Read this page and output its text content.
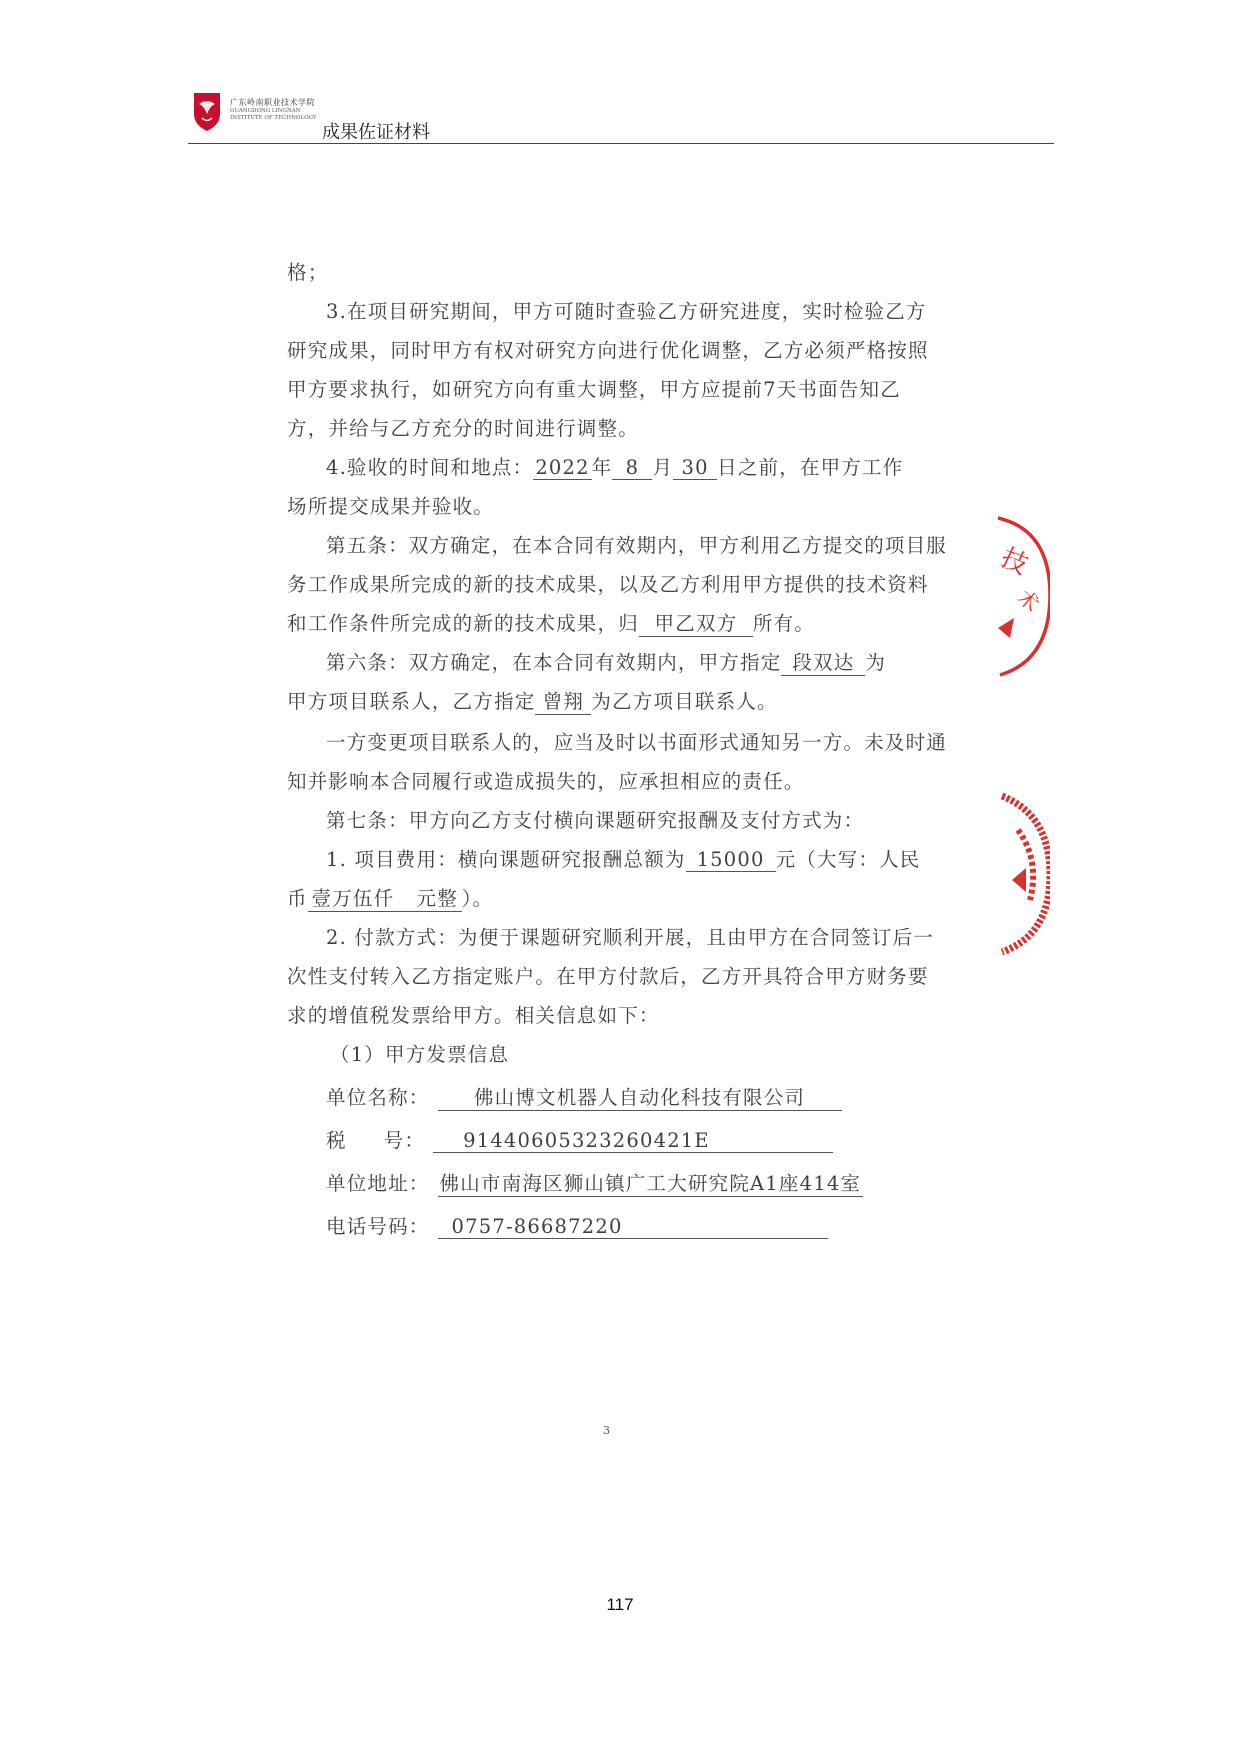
广东岭南职业技术学院
GUANGDONG LINGNAN
INSTITUTE OF TECHNOLOGY
成果佐证材料
格；
3.在项目研究期间，甲方可随时查验乙方研究进度，实时检验乙方
研究成果，同时甲方有权对研究方向进行优化调整，乙方必须严格按照
甲方要求执行，如研究方向有重大调整，甲方应提前7天书面告知乙
方，并给与乙方充分的时间进行调整。
4.验收的时间和地点： 2022 年 8 月 30 日之前，在甲方工作
场所提交成果并验收。
第五条：双方确定，在本合同有效期内，甲方利用乙方提交的项目服
务工作成果所完成的新的技术成果，以及乙方利用甲方提供的技术资料
和工作条件所完成的新的技术成果，归 甲乙双方 所有。
第六条：双方确定，在本合同有效期内，甲方指定 段双达 为
甲方项目联系人，乙方指定 曾翔 为乙方项目联系人。
一方变更项目联系人的，应当及时以书面形式通知另一方。未及时通
知并影响本合同履行或造成损失的，应承担相应的责任。
第七条：甲方向乙方支付横向课题研究报酬及支付方式为：
1. 项目费用：横向课题研究报酬总额为 15000 元（大写：人民
币 壹万伍仟   元整 ）。
2. 付款方式：为便于课题研究顺利开展，且由甲方在合同签订后一
次性支付转入乙方指定账户。在甲方付款后，乙方开具符合甲方财务要
求的增值税发票给甲方。相关信息如下：
（1）甲方发票信息
单位名称： 佛山博文机器人自动化科技有限公司
税     号： 91440605323260421E
单位地址： 佛山市南海区狮山镇广工大研究院A1座414室
电话号码： 0757-86687220
3
技
术
117
